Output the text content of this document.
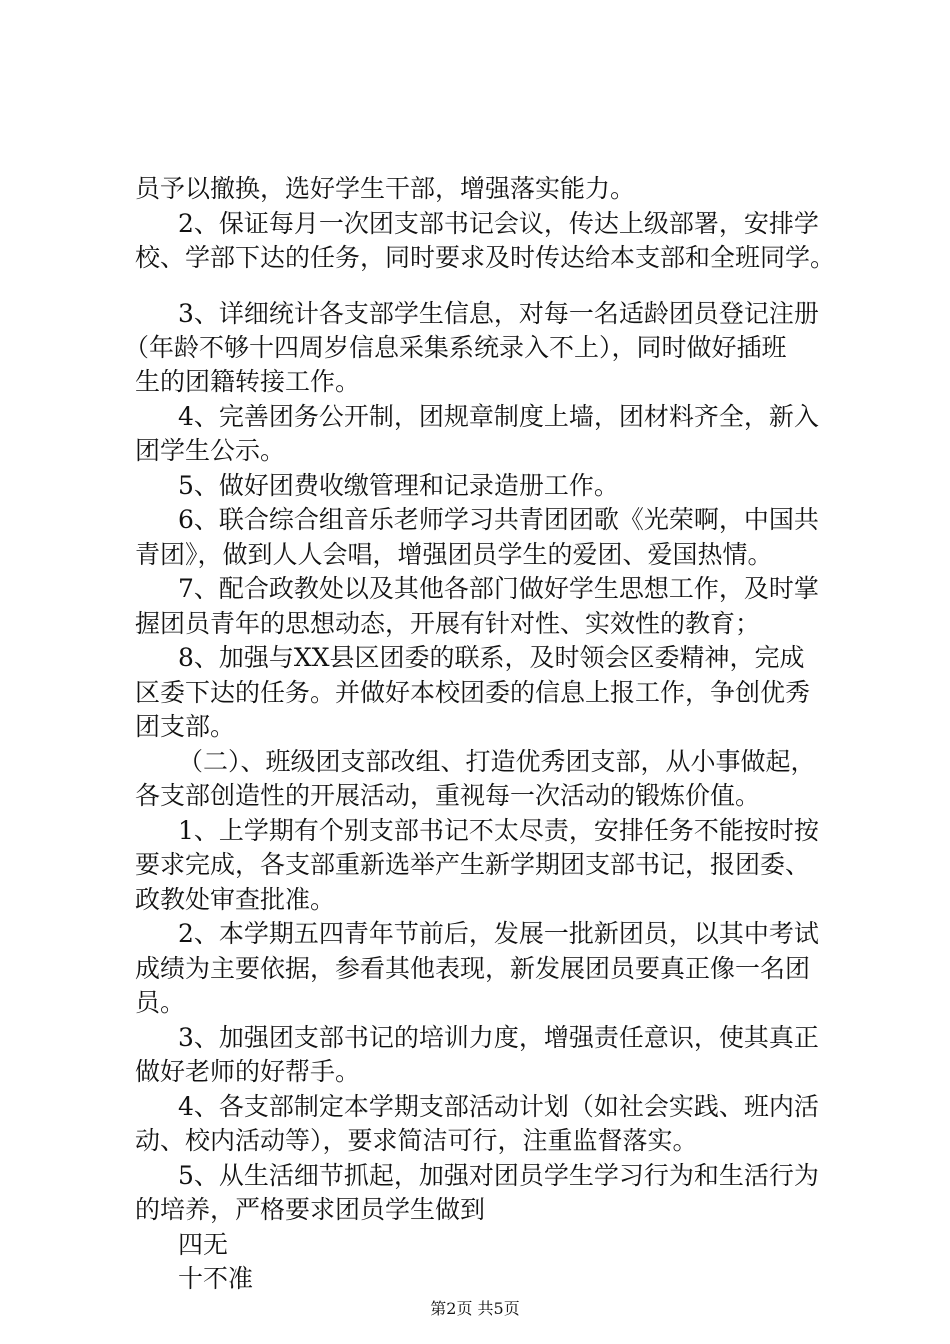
员予以撤换，选好学生干部，增强落实能力。
2、保证每月一次团支部书记会议，传达上级部署，安排学
校、学部下达的任务，同时要求及时传达给本支部和全班同学。
3、详细统计各支部学生信息，对每一名适龄团员登记注册
（年龄不够十四周岁信息采集系统录入不上），同时做好插班
生的团籍转接工作。
4、完善团务公开制，团规章制度上墙，团材料齐全，新入
团学生公示。
5、做好团费收缴管理和记录造册工作。
6、联合综合组音乐老师学习共青团团歌《光荣啊，中国共
青团》，做到人人会唱，增强团员学生的爱团、爱国热情。
7、配合政教处以及其他各部门做好学生思想工作，及时掌
握团员青年的思想动态，开展有针对性、实效性的教育；
8、加强与XX县区团委的联系，及时领会区委精神，完成
区委下达的任务。并做好本校团委的信息上报工作，争创优秀
团支部。
（二）、班级团支部改组、打造优秀团支部，从小事做起，
各支部创造性的开展活动，重视每一次活动的锻炼价值。
1、上学期有个别支部书记不太尽责，安排任务不能按时按
要求完成，各支部重新选举产生新学期团支部书记，报团委、
政教处审查批准。
2、本学期五四青年节前后，发展一批新团员，以其中考试
成绩为主要依据，参看其他表现，新发展团员要真正像一名团
员。
3、加强团支部书记的培训力度，增强责任意识，使其真正
做好老师的好帮手。
4、各支部制定本学期支部活动计划（如社会实践、班内活
动、校内活动等），要求简洁可行，注重监督落实。
5、从生活细节抓起，加强对团员学生学习行为和生活行为
的培养，严格要求团员学生做到
四无
十不准
第2页 共5页
